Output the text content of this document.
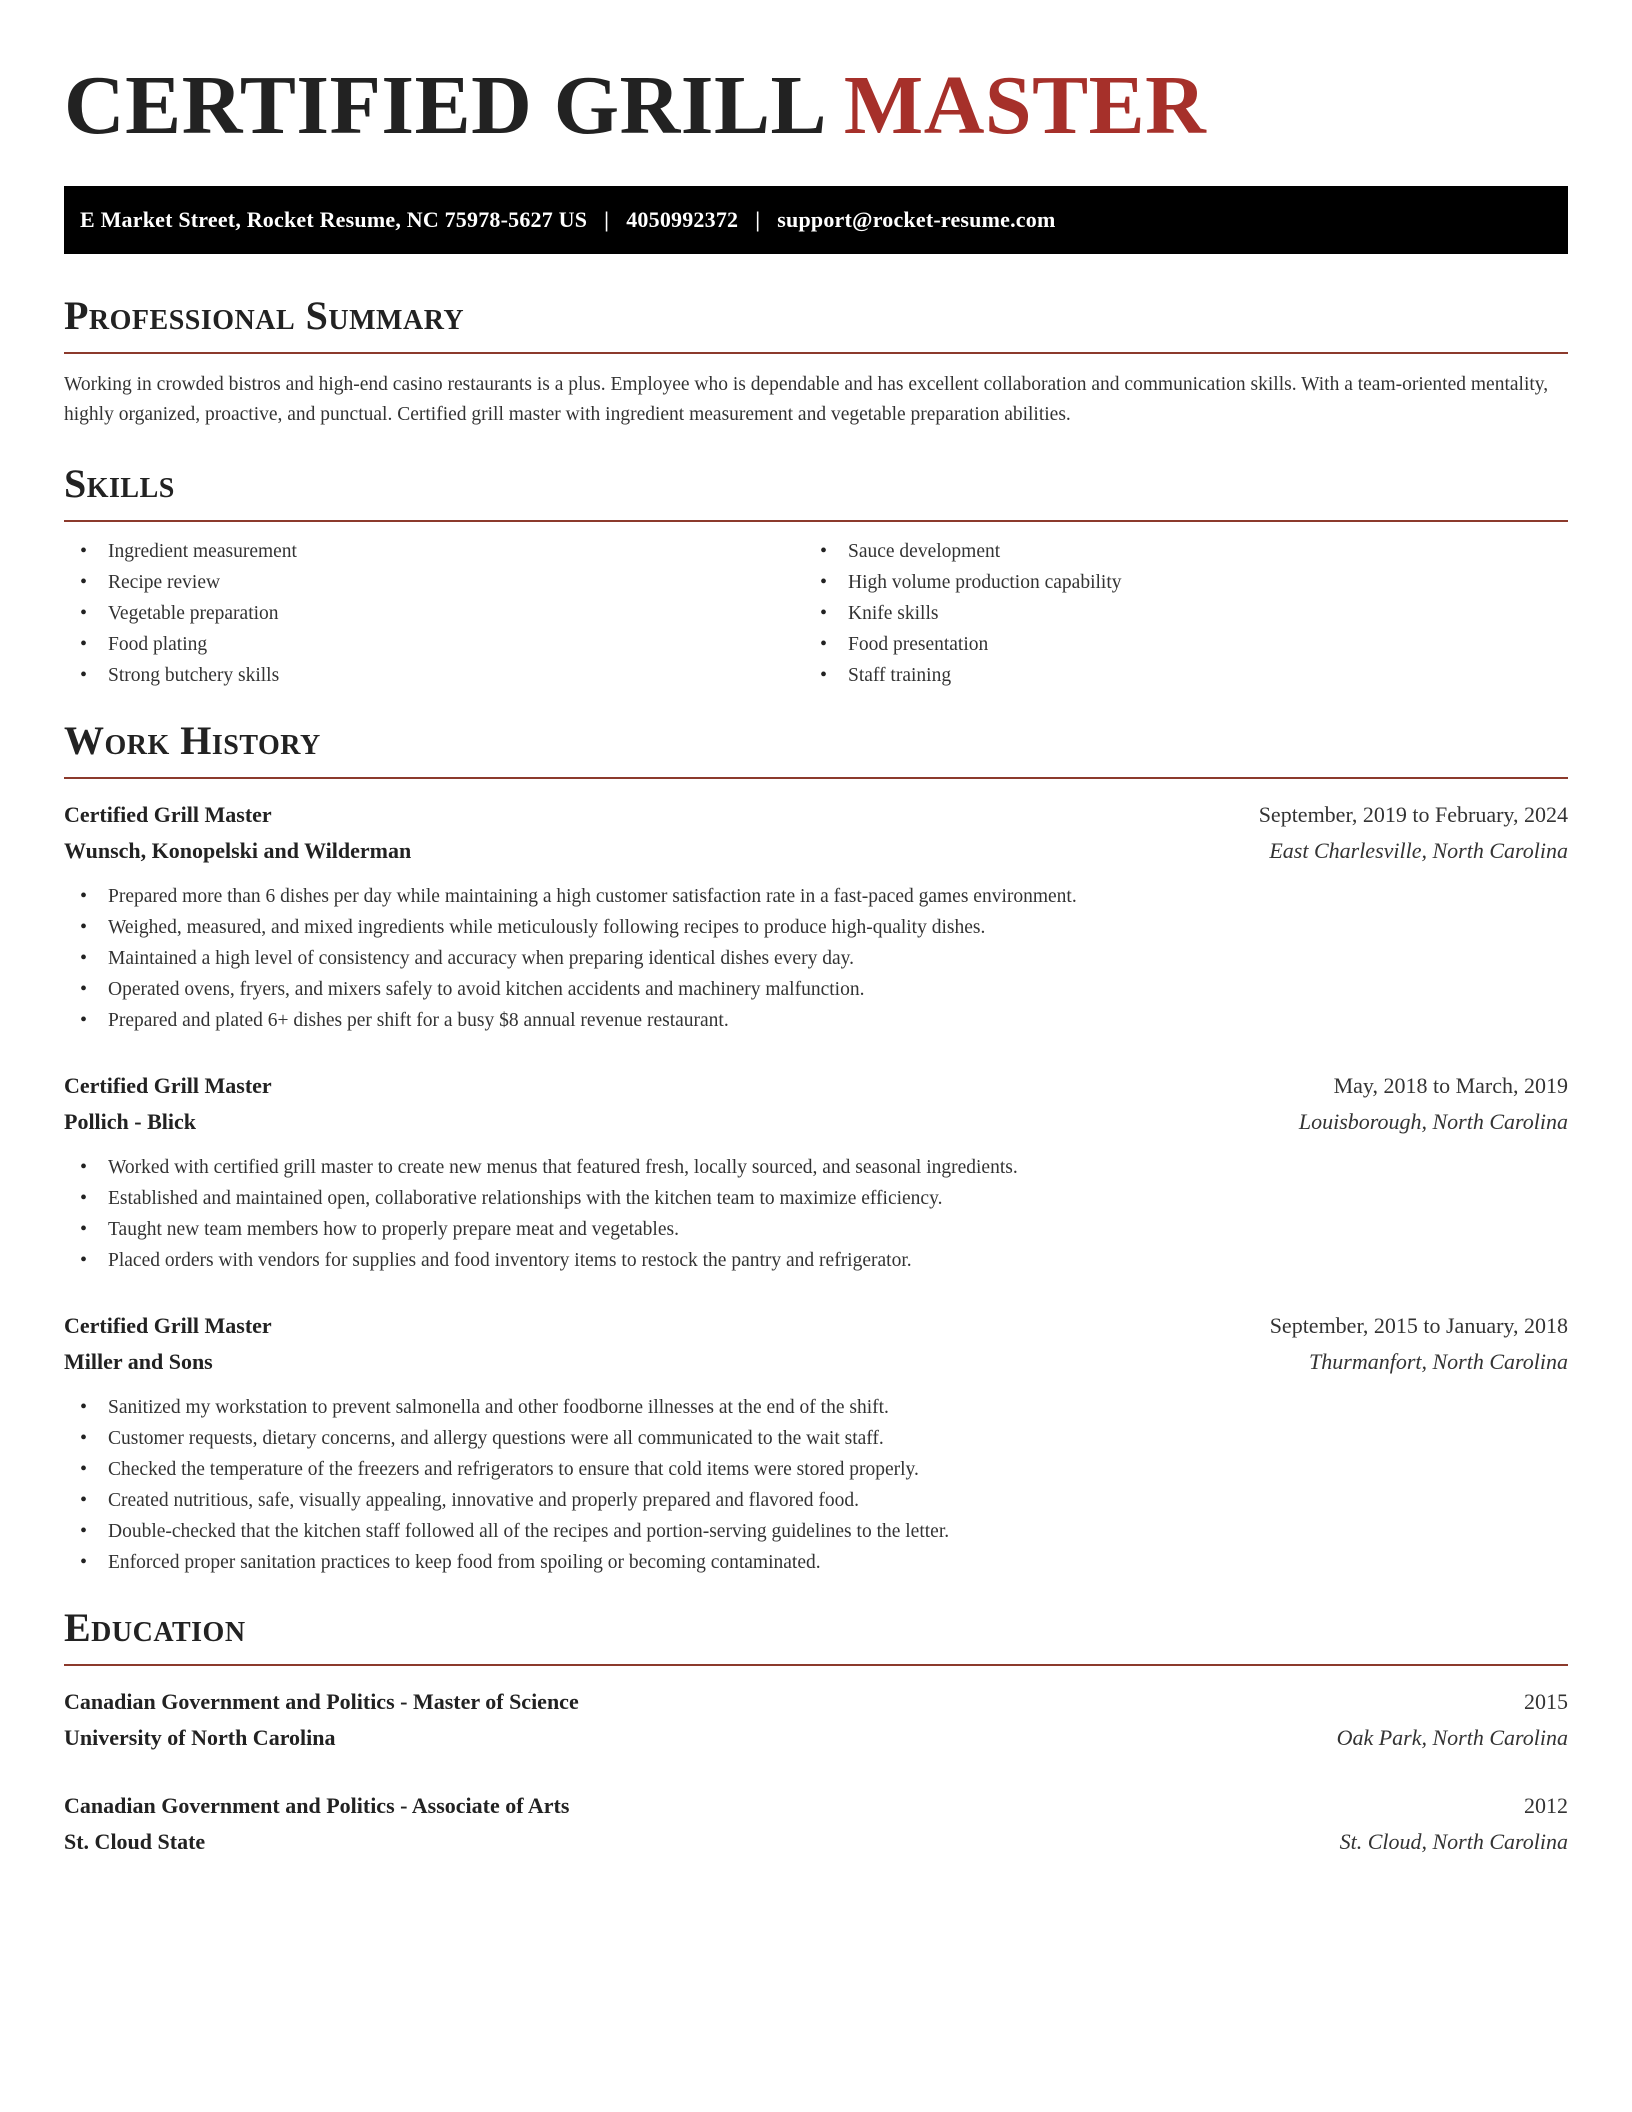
CERTIFIED GRILL MASTER
E Market Street, Rocket Resume, NC 75978-5627 US | 4050992372 | support@rocket-resume.com
Professional Summary

Working in crowded bistros and high-end casino restaurants is a plus. Employee who is dependable and has excellent collaboration and communication skills. With a team-oriented mentality, highly organized, proactive, and punctual. Certified grill master with ingredient measurement and vegetable preparation abilities.

Skills
• Ingredient measurement
• Recipe review
• Vegetable preparation
• Food plating
• Strong butchery skills
• Sauce development
• High volume production capability
• Knife skills
• Food presentation
• Staff training
Work History
Certified Grill Master	September, 2019 to February, 2024
Wunsch, Konopelski and Wilderman	East Charlesville, North Carolina
• Prepared more than 6 dishes per day while maintaining a high customer satisfaction rate in a fast-paced games environment.
• Weighed, measured, and mixed ingredients while meticulously following recipes to produce high-quality dishes.
• Maintained a high level of consistency and accuracy when preparing identical dishes every day.
• Operated ovens, fryers, and mixers safely to avoid kitchen accidents and machinery malfunction.
• Prepared and plated 6+ dishes per shift for a busy $8 annual revenue restaurant.
Certified Grill Master	May, 2018 to March, 2019
Pollich - Blick	Louisborough, North Carolina
• Worked with certified grill master to create new menus that featured fresh, locally sourced, and seasonal ingredients.
• Established and maintained open, collaborative relationships with the kitchen team to maximize efficiency.
• Taught new team members how to properly prepare meat and vegetables.
• Placed orders with vendors for supplies and food inventory items to restock the pantry and refrigerator.
Certified Grill Master	September, 2015 to January, 2018
Miller and Sons	Thurmanfort, North Carolina
• Sanitized my workstation to prevent salmonella and other foodborne illnesses at the end of the shift.
• Customer requests, dietary concerns, and allergy questions were all communicated to the wait staff.
• Checked the temperature of the freezers and refrigerators to ensure that cold items were stored properly.
• Created nutritious, safe, visually appealing, innovative and properly prepared and flavored food.
• Double-checked that the kitchen staff followed all of the recipes and portion-serving guidelines to the letter.
• Enforced proper sanitation practices to keep food from spoiling or becoming contaminated.
Education
Canadian Government and Politics - Master of Science	2015
University of North Carolina	Oak Park, North Carolina
Canadian Government and Politics - Associate of Arts	2012
St. Cloud State	St. Cloud, North Carolina
